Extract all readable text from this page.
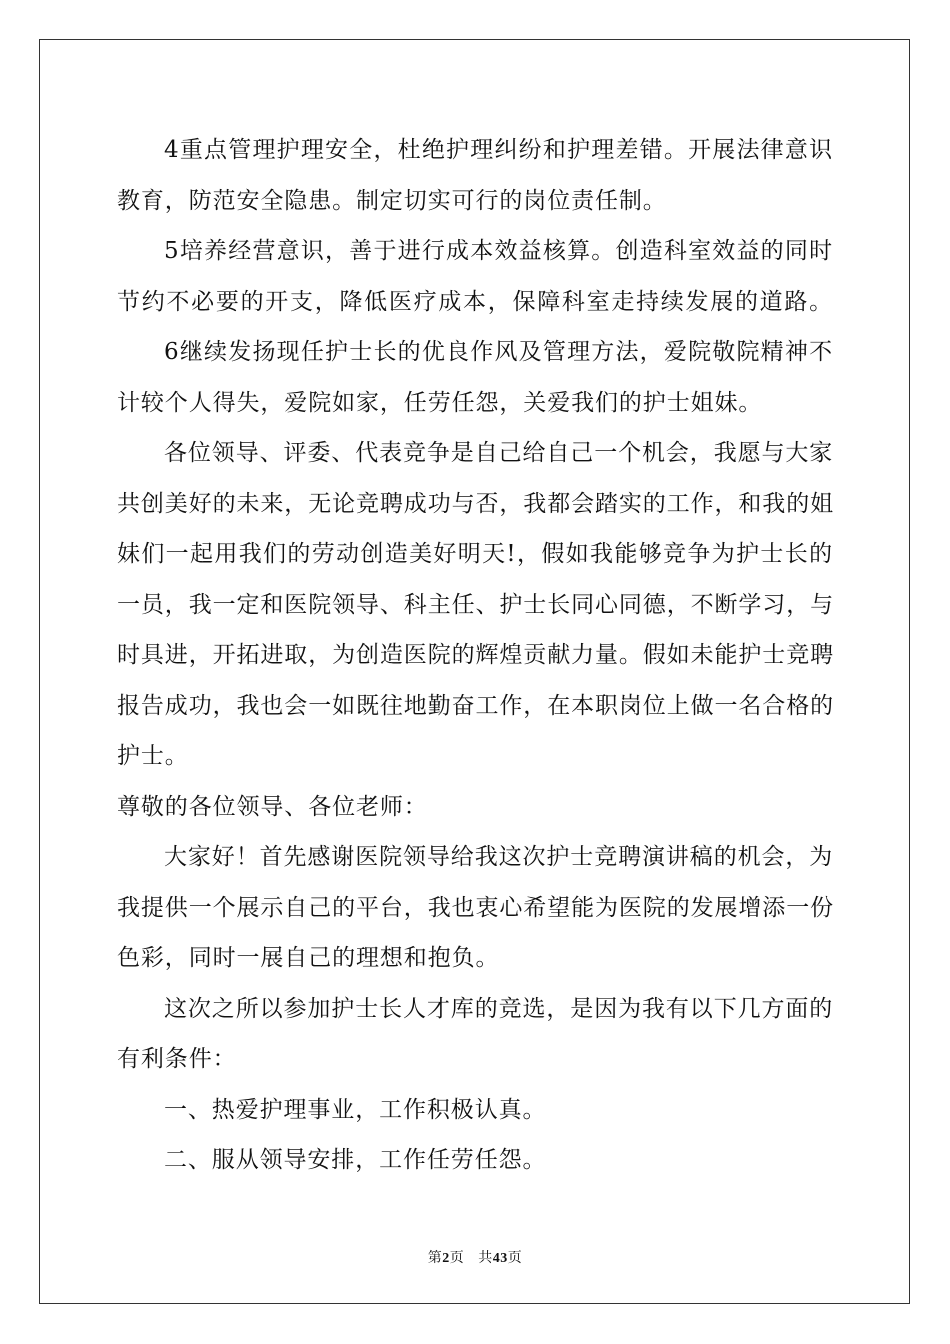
4重点管理护理安全，杜绝护理纠纷和护理差错。开展法律意识
教育，防范安全隐患。制定切实可行的岗位责任制。

5培养经营意识，善于进行成本效益核算。创造科室效益的同时
节约不必要的开支，降低医疗成本，保障科室走持续发展的道路。

6继续发扬现任护士长的优良作风及管理方法，爱院敬院精神不
计较个人得失，爱院如家，任劳任怨，关爱我们的护士姐妹。

各位领导、评委、代表竞争是自己给自己一个机会，我愿与大家
共创美好的未来，无论竞聘成功与否，我都会踏实的工作，和我的姐
妹们一起用我们的劳动创造美好明天!，假如我能够竞争为护士长的
一员，我一定和医院领导、科主任、护士长同心同德，不断学习，与
时具进，开拓进取，为创造医院的辉煌贡献力量。假如未能护士竞聘
报告成功，我也会一如既往地勤奋工作，在本职岗位上做一名合格的
护士。

尊敬的各位领导、各位老师：

大家好！首先感谢医院领导给我这次护士竞聘演讲稿的机会，为
我提供一个展示自己的平台，我也衷心希望能为医院的发展增添一份
色彩，同时一展自己的理想和抱负。

这次之所以参加护士长人才库的竞选，是因为我有以下几方面的
有利条件：

一、热爱护理事业，工作积极认真。

二、服从领导安排，工作任劳任怨。

第2页 共43页
